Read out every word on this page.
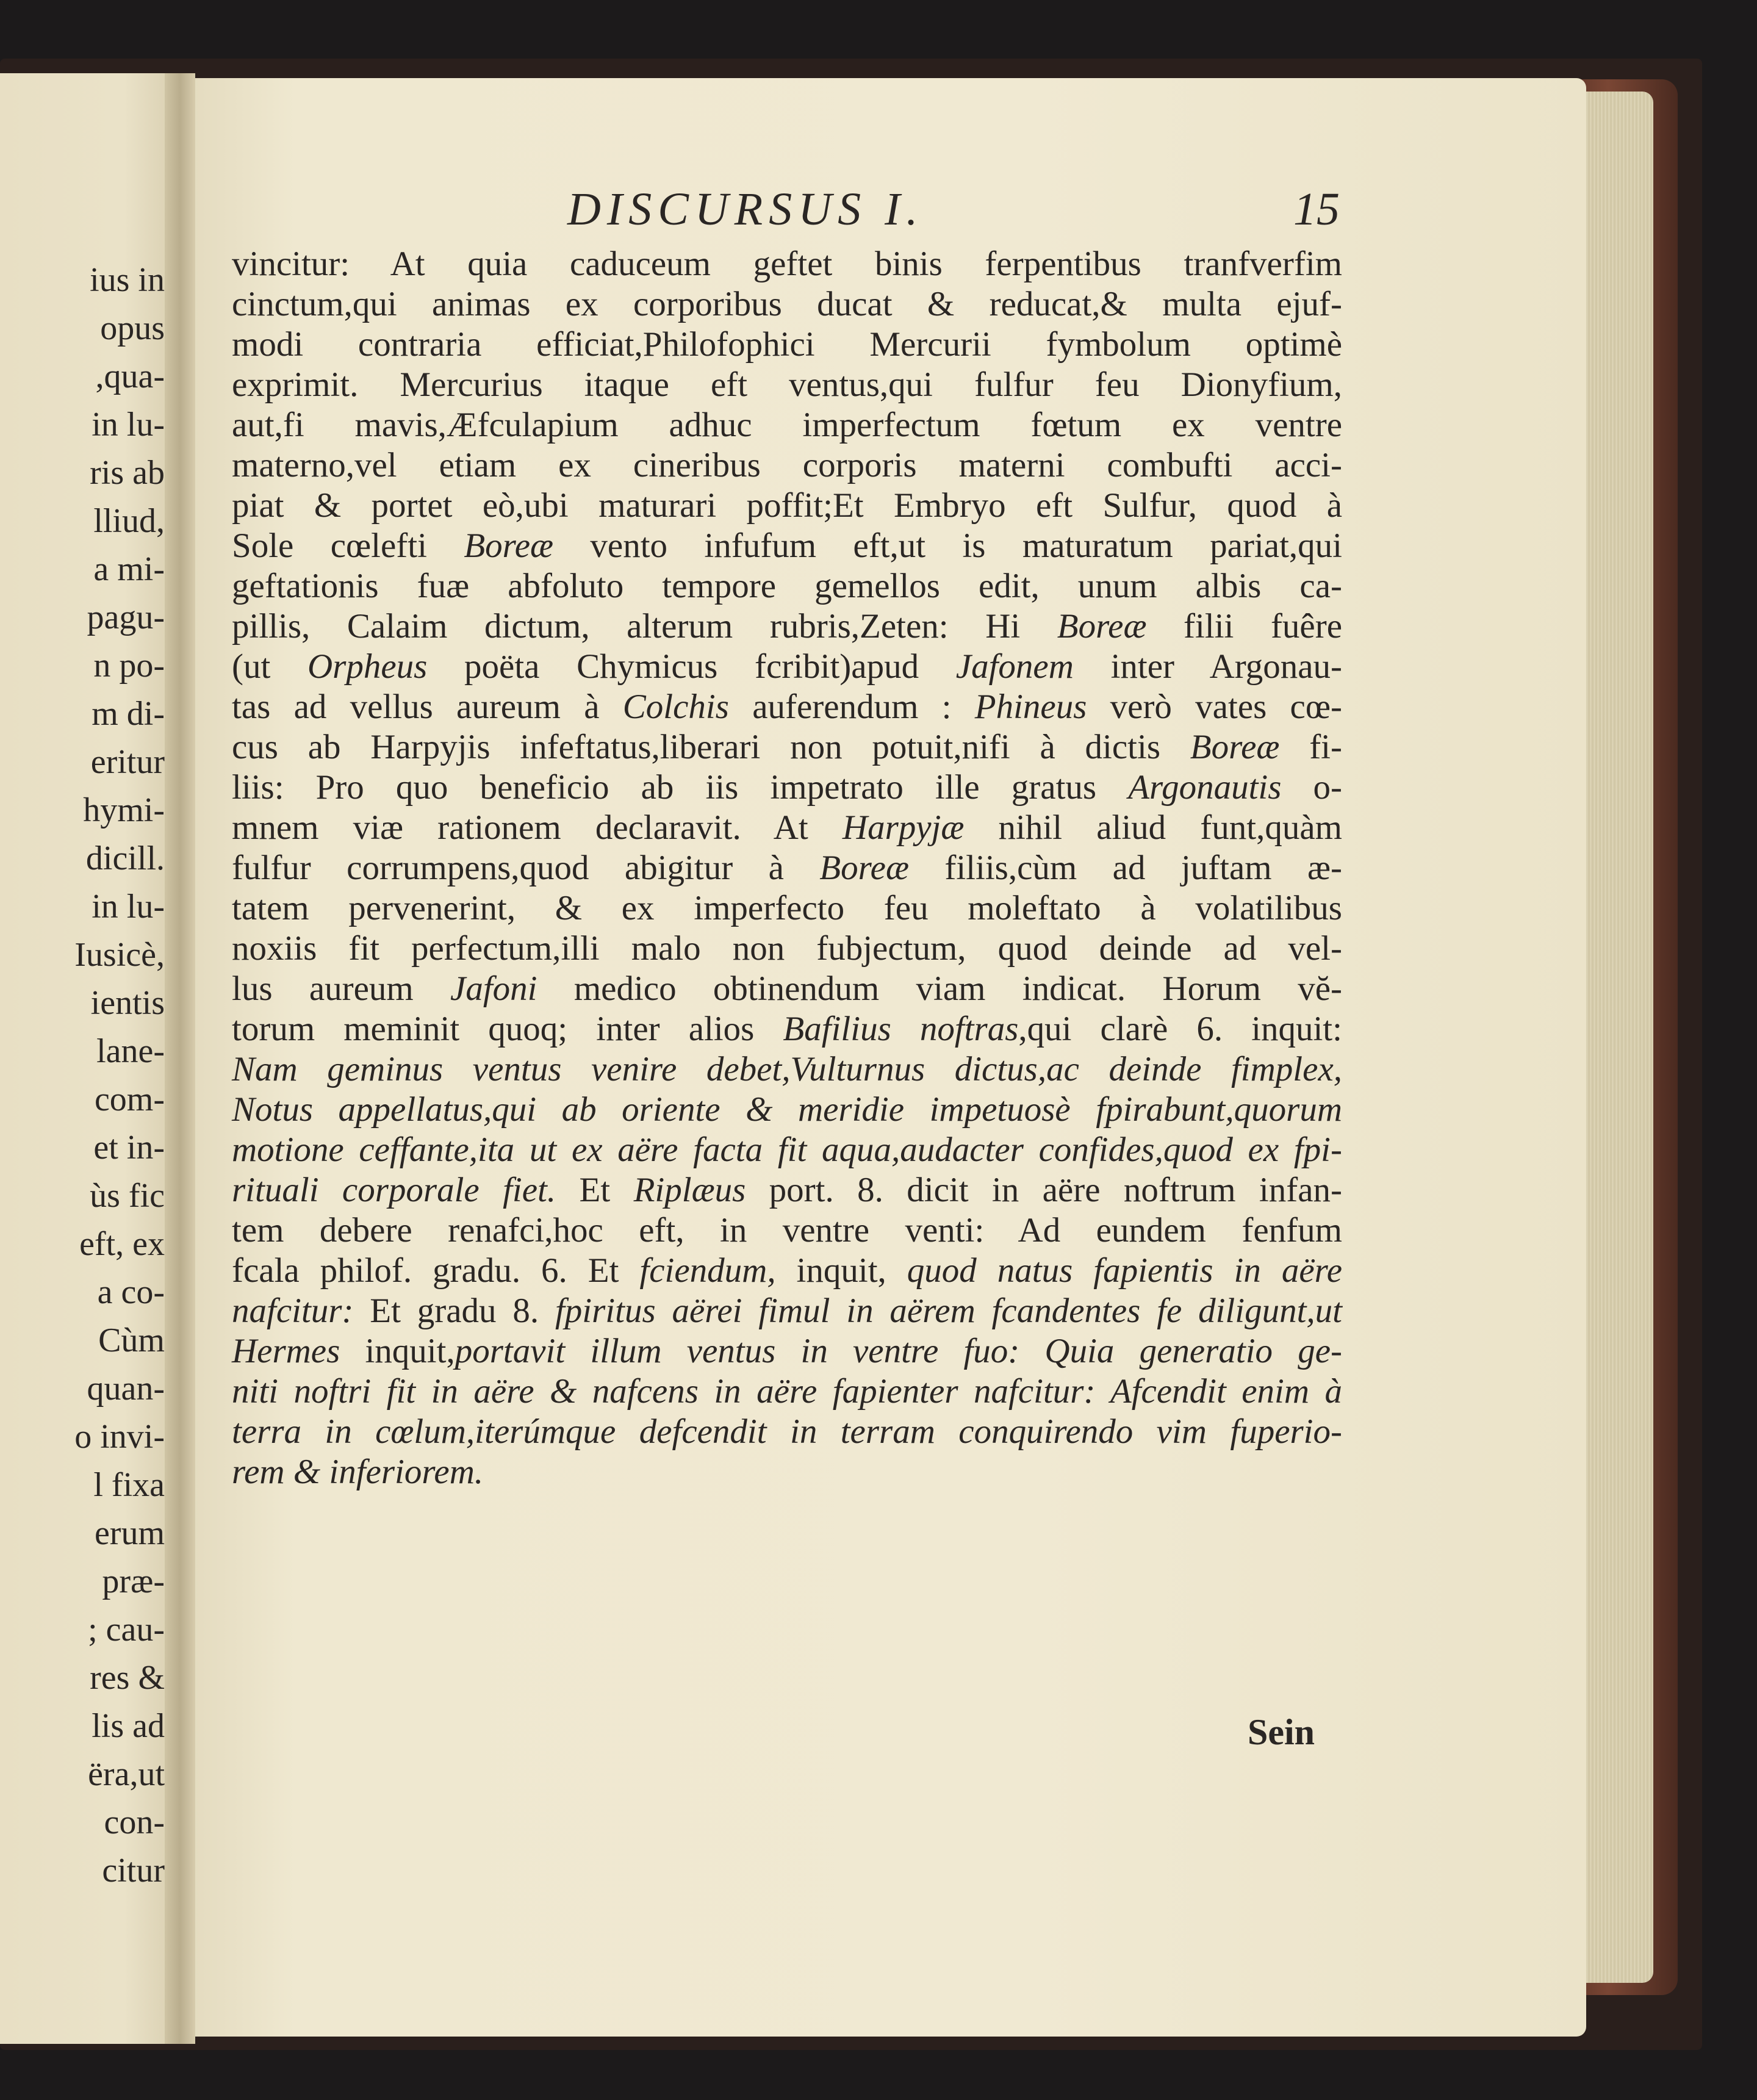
ius in
opus
,qua-
in lu-
ris ab
lliud,
a mi-
pagu-
n po-
m di-
eritur
hymi-
dicill.
in lu-
Iusicè,
ientis
lane-
com-
et in-
ùs fic
eft, ex
a co-
Cùm
quan-
o invi-
l fixa
erum
præ-
; cau-
res &
lis ad
ëra,ut
con-
citur
DISCURSUS I.	15
vincitur: At quia caduceum geftet binis ferpentibus tranfverfim
cinctum,qui animas ex corporibus ducat & reducat,& multa ejuf-
modi contraria efficiat,Philofophici Mercurii fymbolum optimè
exprimit. Mercurius itaque eft ventus,qui fulfur feu Dionyfium,
aut,fi mavis,Æfculapium adhuc imperfectum fœtum ex ventre
materno,vel etiam ex cineribus corporis materni combufti acci-
piat & portet eò,ubi maturari poffit;Et Embryo eft Sulfur, quod à
Sole cœlefti Boreæ vento infufum eft,ut is maturatum pariat,qui
geftationis fuæ abfoluto tempore gemellos edit, unum albis ca-
pillis, Calaim dictum, alterum rubris,Zeten: Hi Boreæ filii fuêre
(ut Orpheus poëta Chymicus fcribit)apud Jafonem inter Argonau-
tas ad vellus aureum à Colchis auferendum : Phineus verò vates cœ-
cus ab Harpyjis infeftatus,liberari non potuit,nifi à dictis Boreæ fi-
liis: Pro quo beneficio ab iis impetrato ille gratus Argonautis o-
mnem viæ rationem declaravit. At Harpyjæ nihil aliud funt,quàm
fulfur corrumpens,quod abigitur à Boreæ filiis,cùm ad juftam æ-
tatem pervenerint, & ex imperfecto feu moleftato à volatilibus
noxiis fit perfectum,illi malo non fubjectum, quod deinde ad vel-
lus aureum Jafoni medico obtinendum viam indicat. Horum vĕ-
torum meminit quoq; inter alios Bafilius noftras,qui clarè 6. inquit:
Nam geminus ventus venire debet,Vulturnus dictus,ac deinde fimplex,
Notus appellatus,qui ab oriente & meridie impetuosè fpirabunt,quorum
motione ceffante,ita ut ex aëre facta fit aqua,audacter confides,quod ex fpi-
rituali corporale fiet. Et Riplæus port. 8. dicit in aëre noftrum infan-
tem debere renafci,hoc eft, in ventre venti: Ad eundem fenfum
fcala philof. gradu. 6. Et fciendum, inquit, quod natus fapientis in aëre
nafcitur: Et gradu 8. fpiritus aërei fimul in aërem fcandentes fe diligunt,ut
Hermes inquit,portavit illum ventus in ventre fuo: Quia generatio ge-
niti noftri fit in aëre & nafcens in aëre fapienter nafcitur: Afcendit enim à
terra in cœlum,iterúmque defcendit in terram conquirendo vim fuperio-
rem & inferiorem.
Sein
